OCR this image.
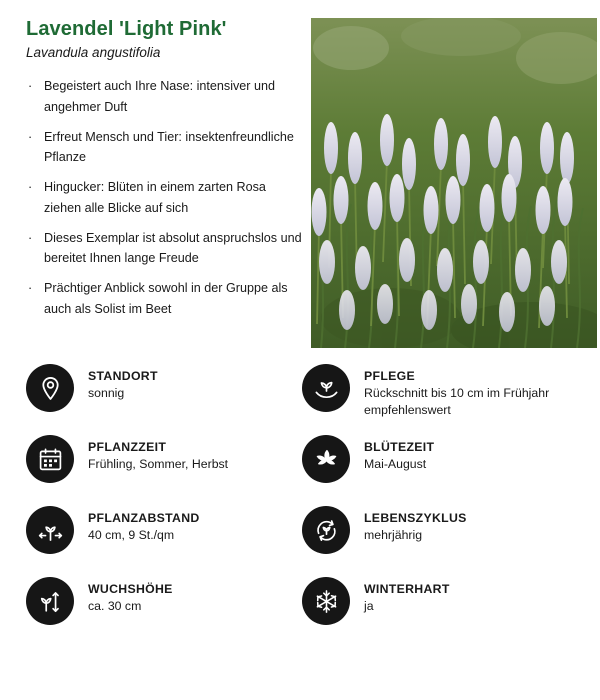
Lavendel 'Light Pink'
Lavandula angustifolia
· Begeistert auch Ihre Nase: intensiver und angehmer Duft
· Erfreut Mensch und Tier: insektenfreundliche Pflanze
· Hingucker: Blüten in einem zarten Rosa ziehen alle Blicke auf sich
· Dieses Exemplar ist absolut anspruchslos und bereitet Ihnen lange Freude
· Prächtiger Anblick sowohl in der Gruppe als auch als Solist im Beet
STANDORT
sonnig
PFLEGE
Rückschnitt bis 10 cm im Frühjahr empfehlenswert
PFLANZZEIT
Frühling, Sommer, Herbst
BLÜTEZEIT
Mai-August
PFLANZABSTAND
40 cm, 9 St./qm
LEBENSZYKLUS
mehrjährig
WUCHSHÖHE
ca. 30 cm
WINTERHART
ja
